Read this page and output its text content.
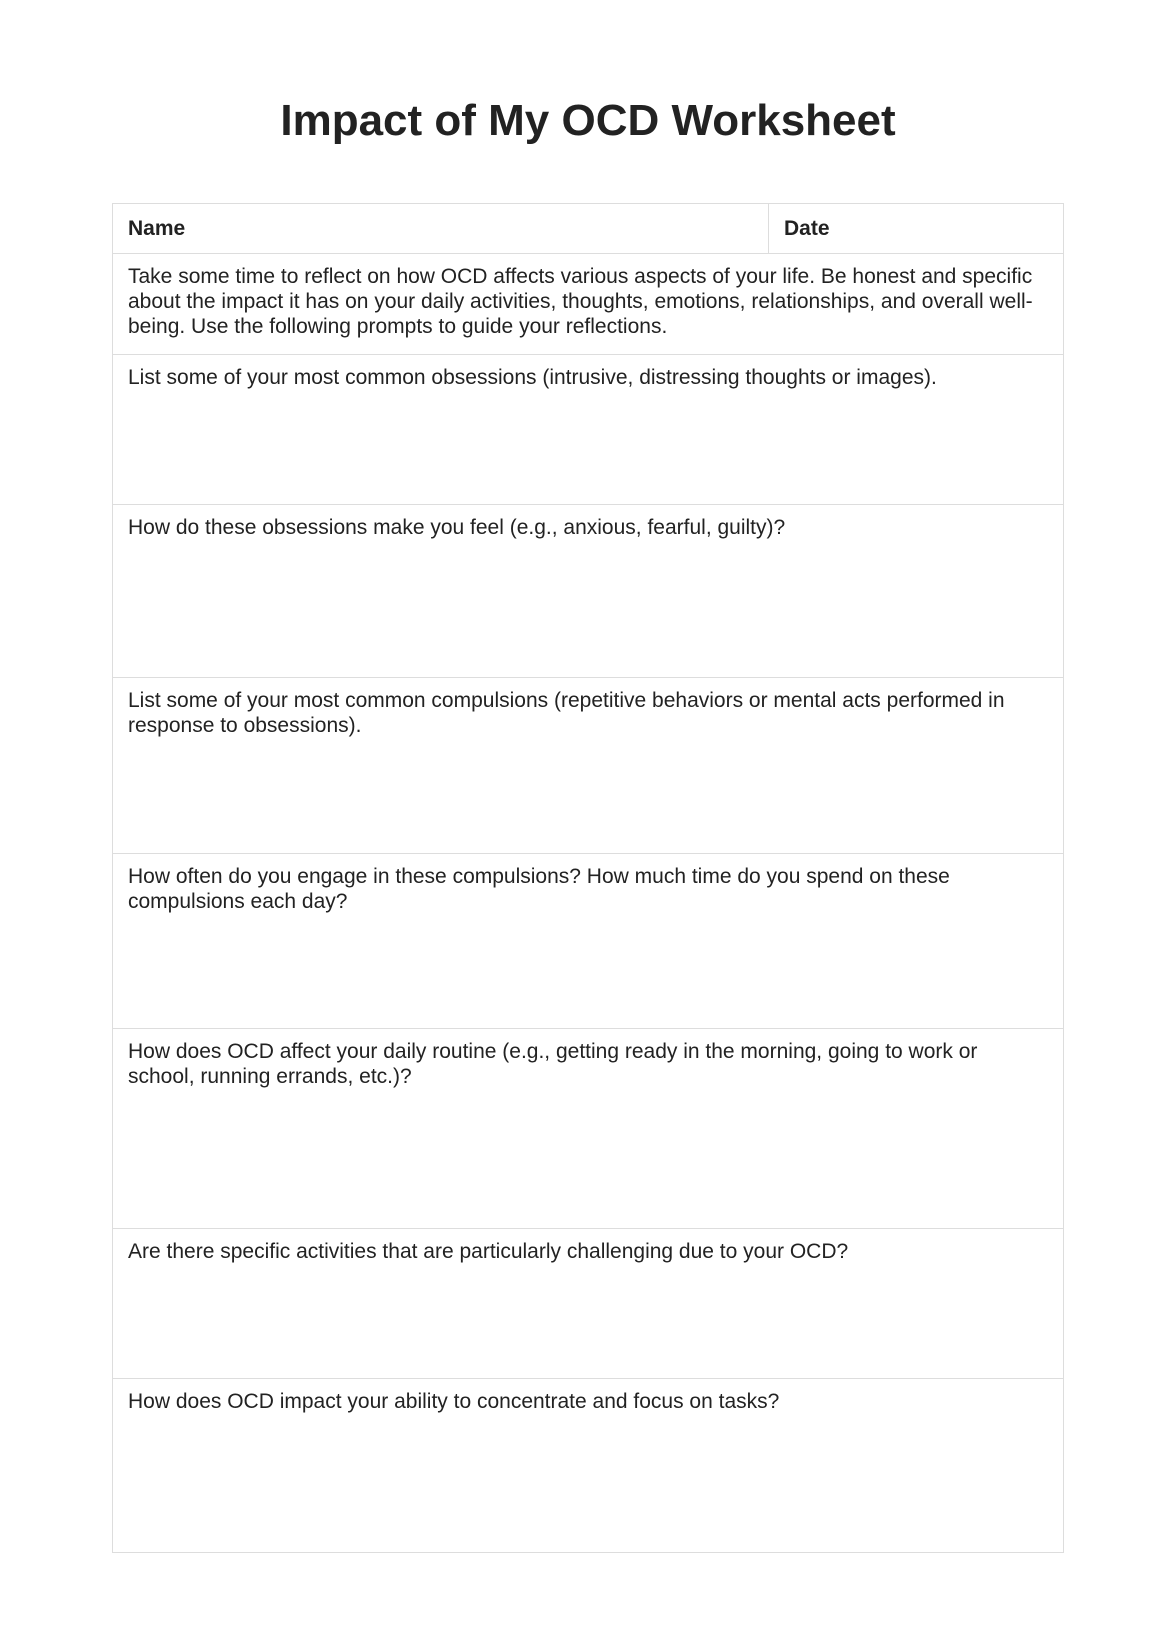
Impact of My OCD Worksheet
Name	Date
Take some time to reflect on how OCD affects various aspects of your life. Be honest and specific about the impact it has on your daily activities, thoughts, emotions, relationships, and overall well-being. Use the following prompts to guide your reflections.
List some of your most common obsessions (intrusive, distressing thoughts or images).
How do these obsessions make you feel (e.g., anxious, fearful, guilty)?
List some of your most common compulsions (repetitive behaviors or mental acts performed in response to obsessions).
How often do you engage in these compulsions? How much time do you spend on these compulsions each day?
How does OCD affect your daily routine (e.g., getting ready in the morning, going to work or school, running errands, etc.)?
Are there specific activities that are particularly challenging due to your OCD?
How does OCD impact your ability to concentrate and focus on tasks?
